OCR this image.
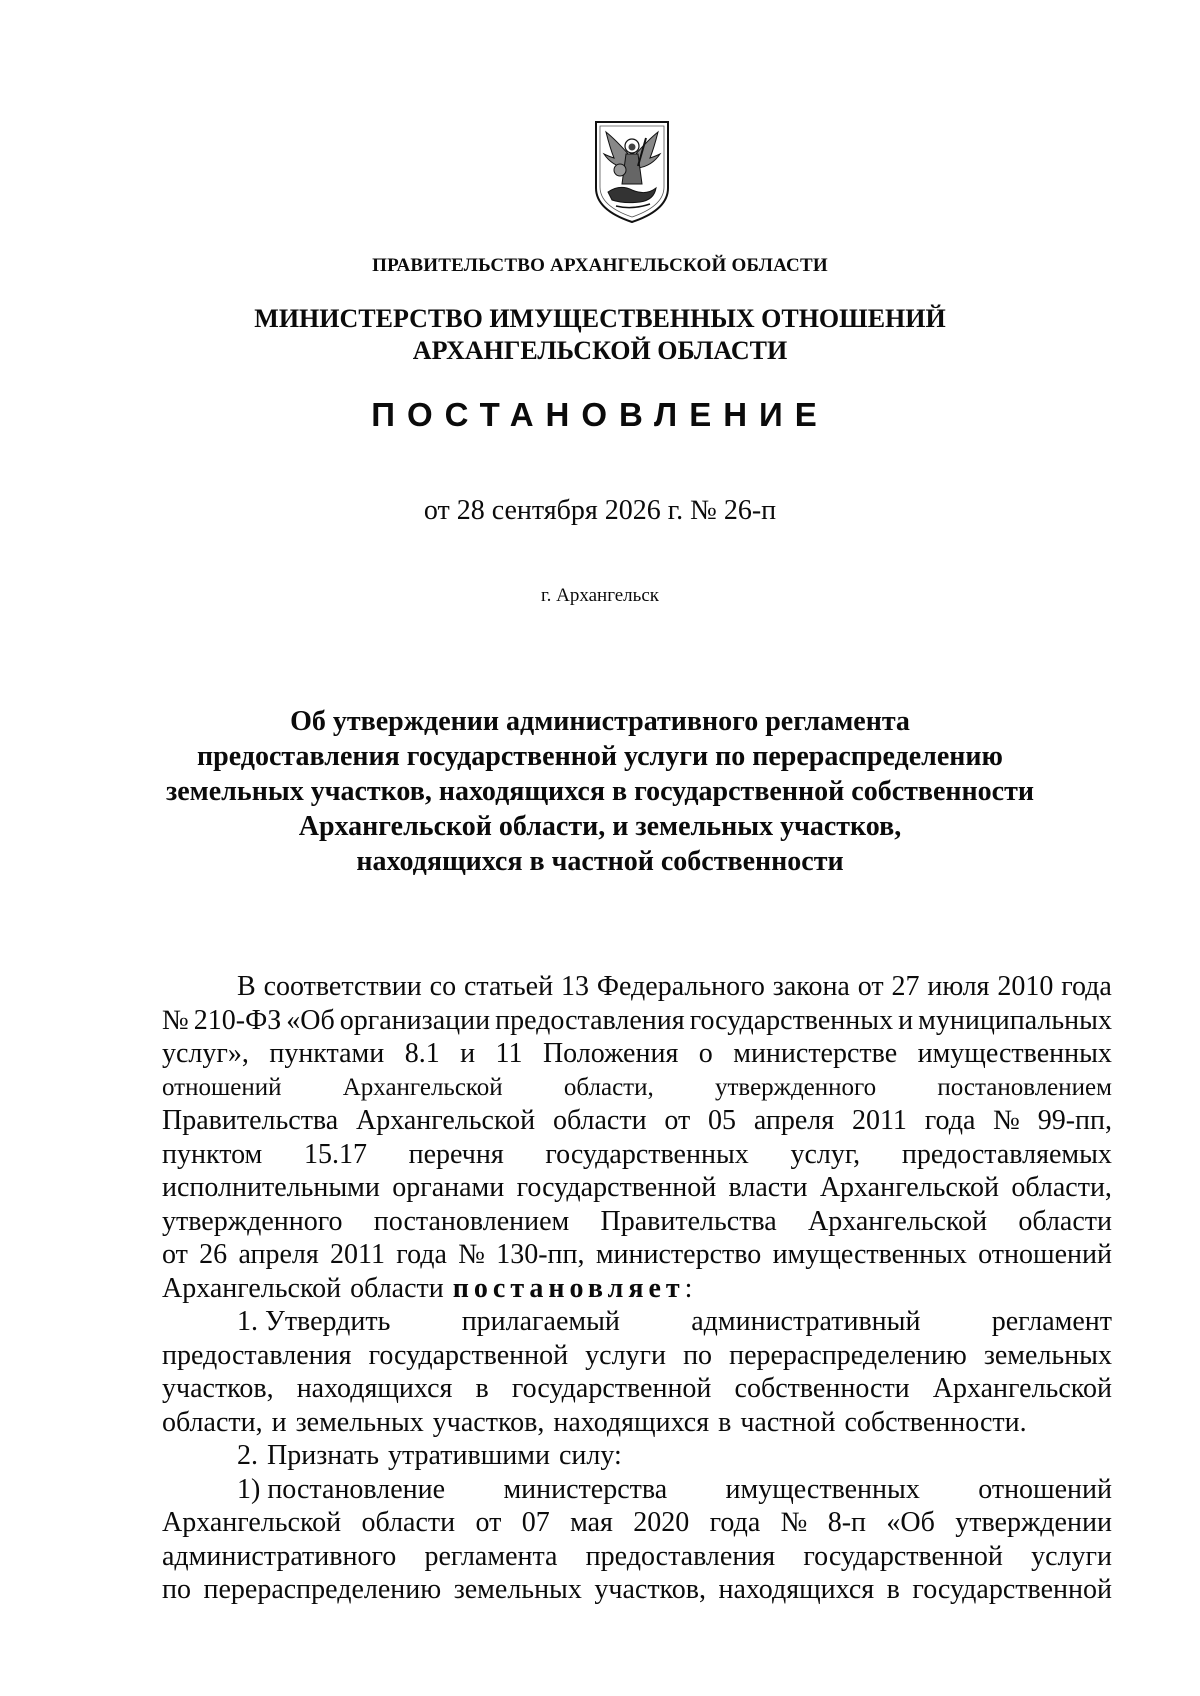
ПРАВИТЕЛЬСТВО АРХАНГЕЛЬСКОЙ ОБЛАСТИ
МИНИСТЕРСТВО ИМУЩЕСТВЕННЫХ ОТНОШЕНИЙ
АРХАНГЕЛЬСКОЙ ОБЛАСТИ
ПОСТАНОВЛЕНИЕ
от 28 сентября 2026 г. № 26-п
г. Архангельск
Об утверждении административного регламента
предоставления государственной услуги по перераспределению
земельных участков, находящихся в государственной собственности
Архангельской области, и земельных участков,
находящихся в частной собственности
В соответствии со статьей 13 Федерального закона от 27 июля 2010 года
№ 210-ФЗ «Об организации предоставления государственных и муниципальных
услуг», пунктами 8.1 и 11 Положения о министерстве имущественных
отношений Архангельской области, утвержденного постановлением
Правительства Архангельской области от 05 апреля 2011 года № 99-пп,
пунктом 15.17 перечня государственных услуг, предоставляемых
исполнительными органами государственной власти Архангельской области,
утвержденного постановлением Правительства Архангельской области
от 26 апреля 2011 года № 130-пп, министерство имущественных отношений
Архангельской области постановляет :
1. Утвердить	прилагаемый	административный	регламент
предоставления государственной услуги по перераспределению земельных
участков, находящихся в государственной собственности Архангельской
области, и земельных участков, находящихся в частной собственности.
2. Признать утратившими силу:
1) постановление министерства имущественных отношений
Архангельской области от 07 мая 2020 года № 8-п «Об утверждении
административного регламента предоставления государственной услуги
по перераспределению земельных участков, находящихся в государственной
